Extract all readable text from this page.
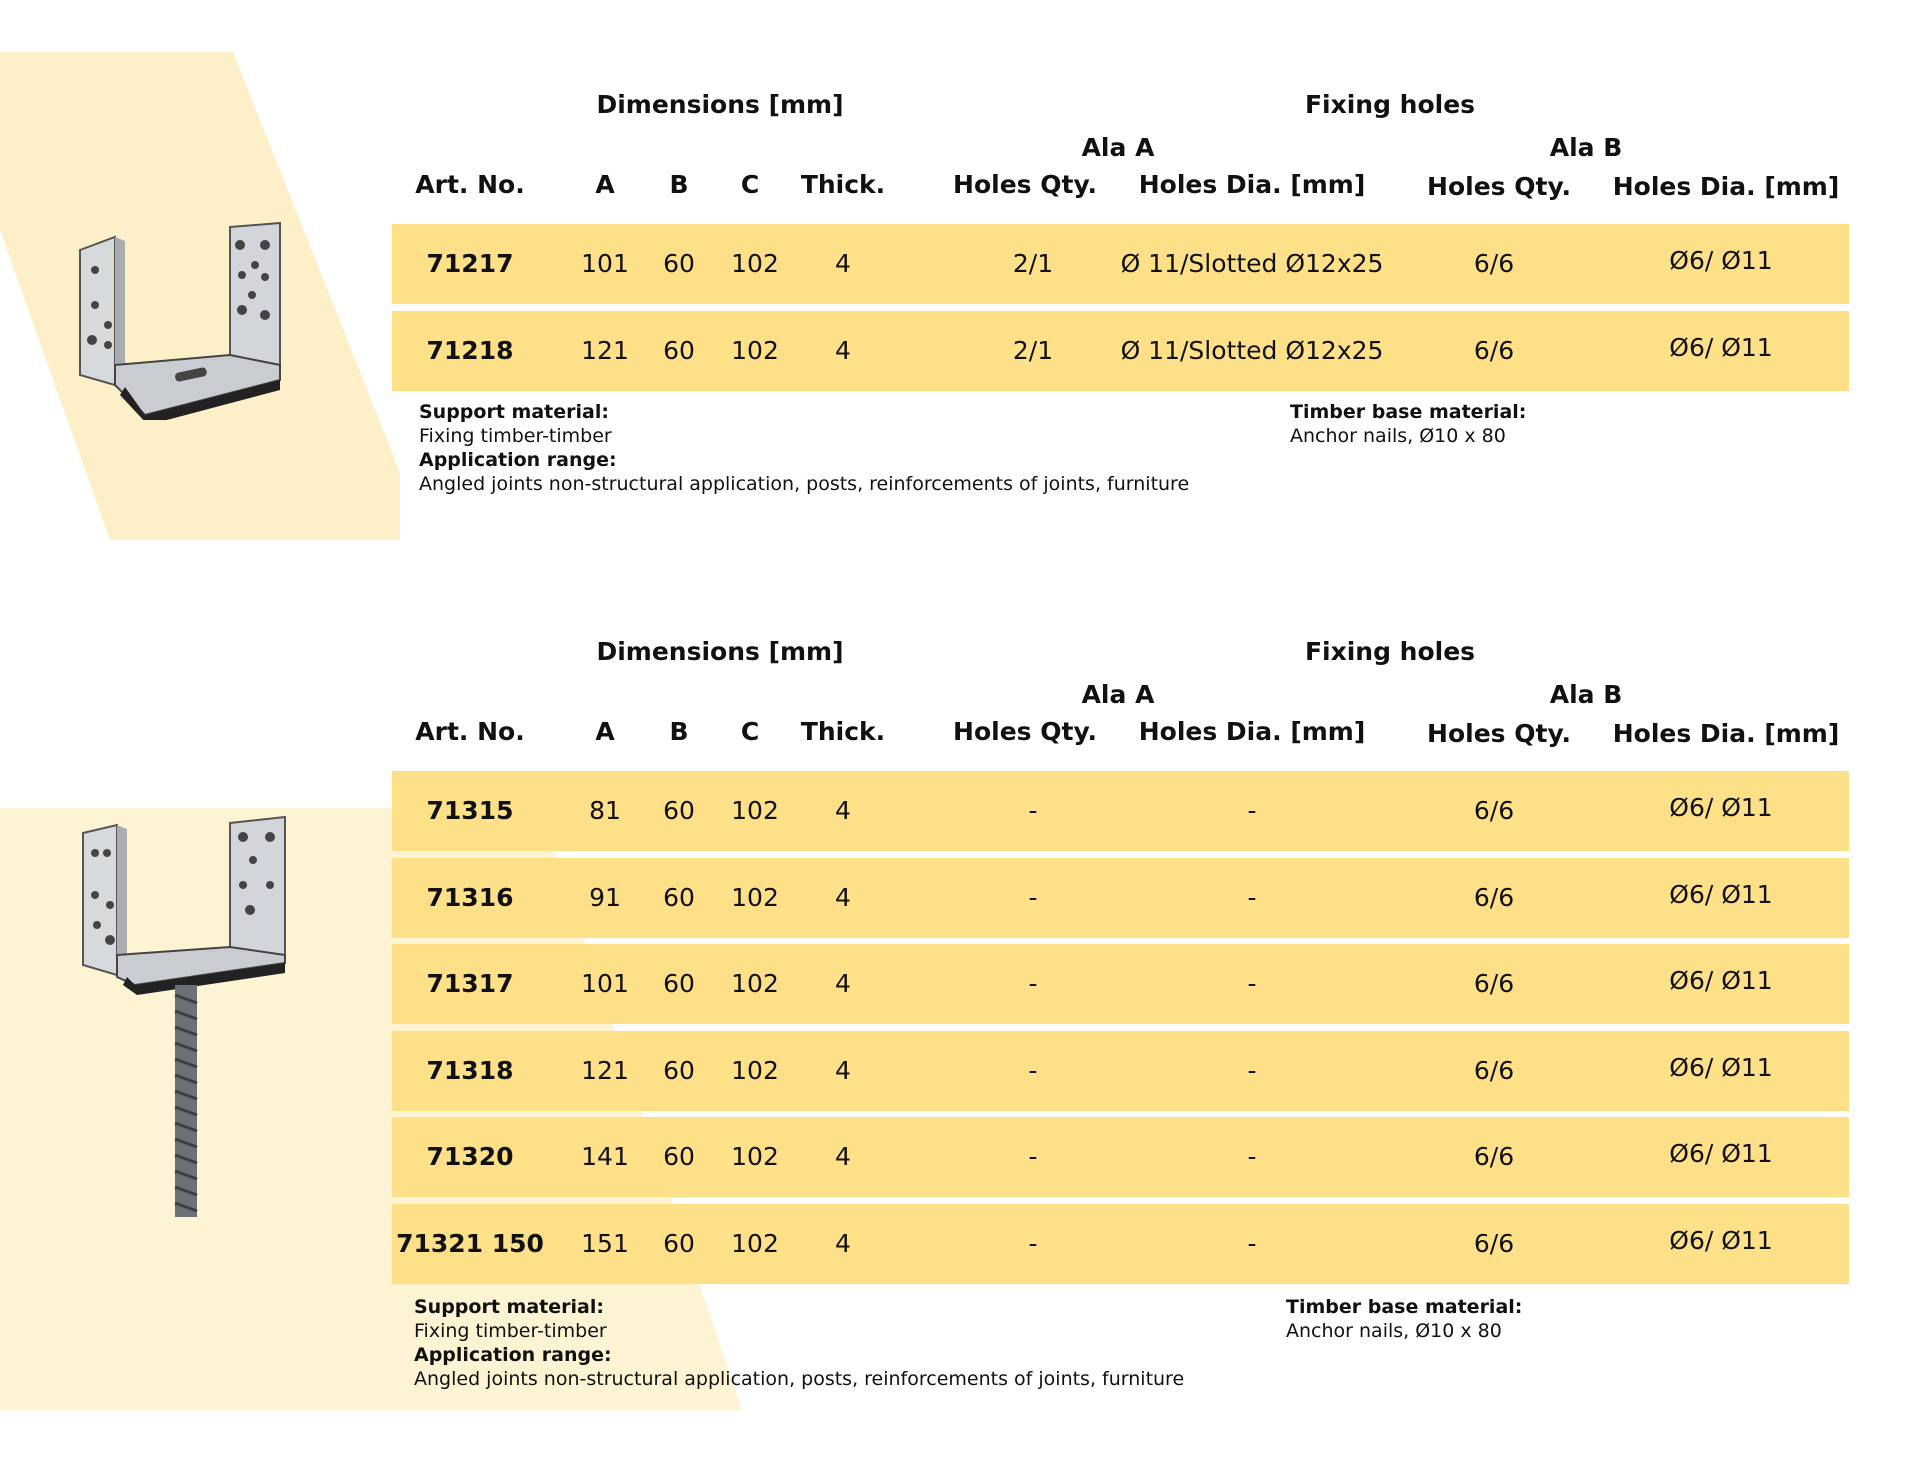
Dimensions [mm]	Fixing holes
Ala A	Ala B
Art. No.	A B C Thick.	Holes Qty. Holes Dia. [mm] Holes Qty. Holes Dia. [mm]
71217	101 60 102 4	2/1	Ø 11/Slotted Ø12x25	6/6	Ø6/ Ø11
71218	121 60 102 4	2/1	Ø 11/Slotted Ø12x25	6/6	Ø6/ Ø11
Support material:
Fixing timber-timber
Application range:
Angled joints non-structural application, posts, reinforcements of joints, furniture
Timber base material:
Anchor nails, Ø10 x 80
Dimensions [mm]	Fixing holes
Ala A	Ala B
Art. No.	A B C Thick.	Holes Qty. Holes Dia. [mm] Holes Qty. Holes Dia. [mm]
71315	81 60 102 4	-	-	6/6	Ø6/ Ø11
71316	91 60 102 4	-	-	6/6	Ø6/ Ø11
71317	101 60 102 4	-	-	6/6	Ø6/ Ø11
71318	121 60 102 4	-	-	6/6	Ø6/ Ø11
71320	141 60 102 4	-	-	6/6	Ø6/ Ø11
71321 150 151 60 102 4	-	-	6/6	Ø6/ Ø11
Support material:
Fixing timber-timber
Application range:
Angled joints non-structural application, posts, reinforcements of joints, furniture
Timber base material:
Anchor nails, Ø10 x 80
